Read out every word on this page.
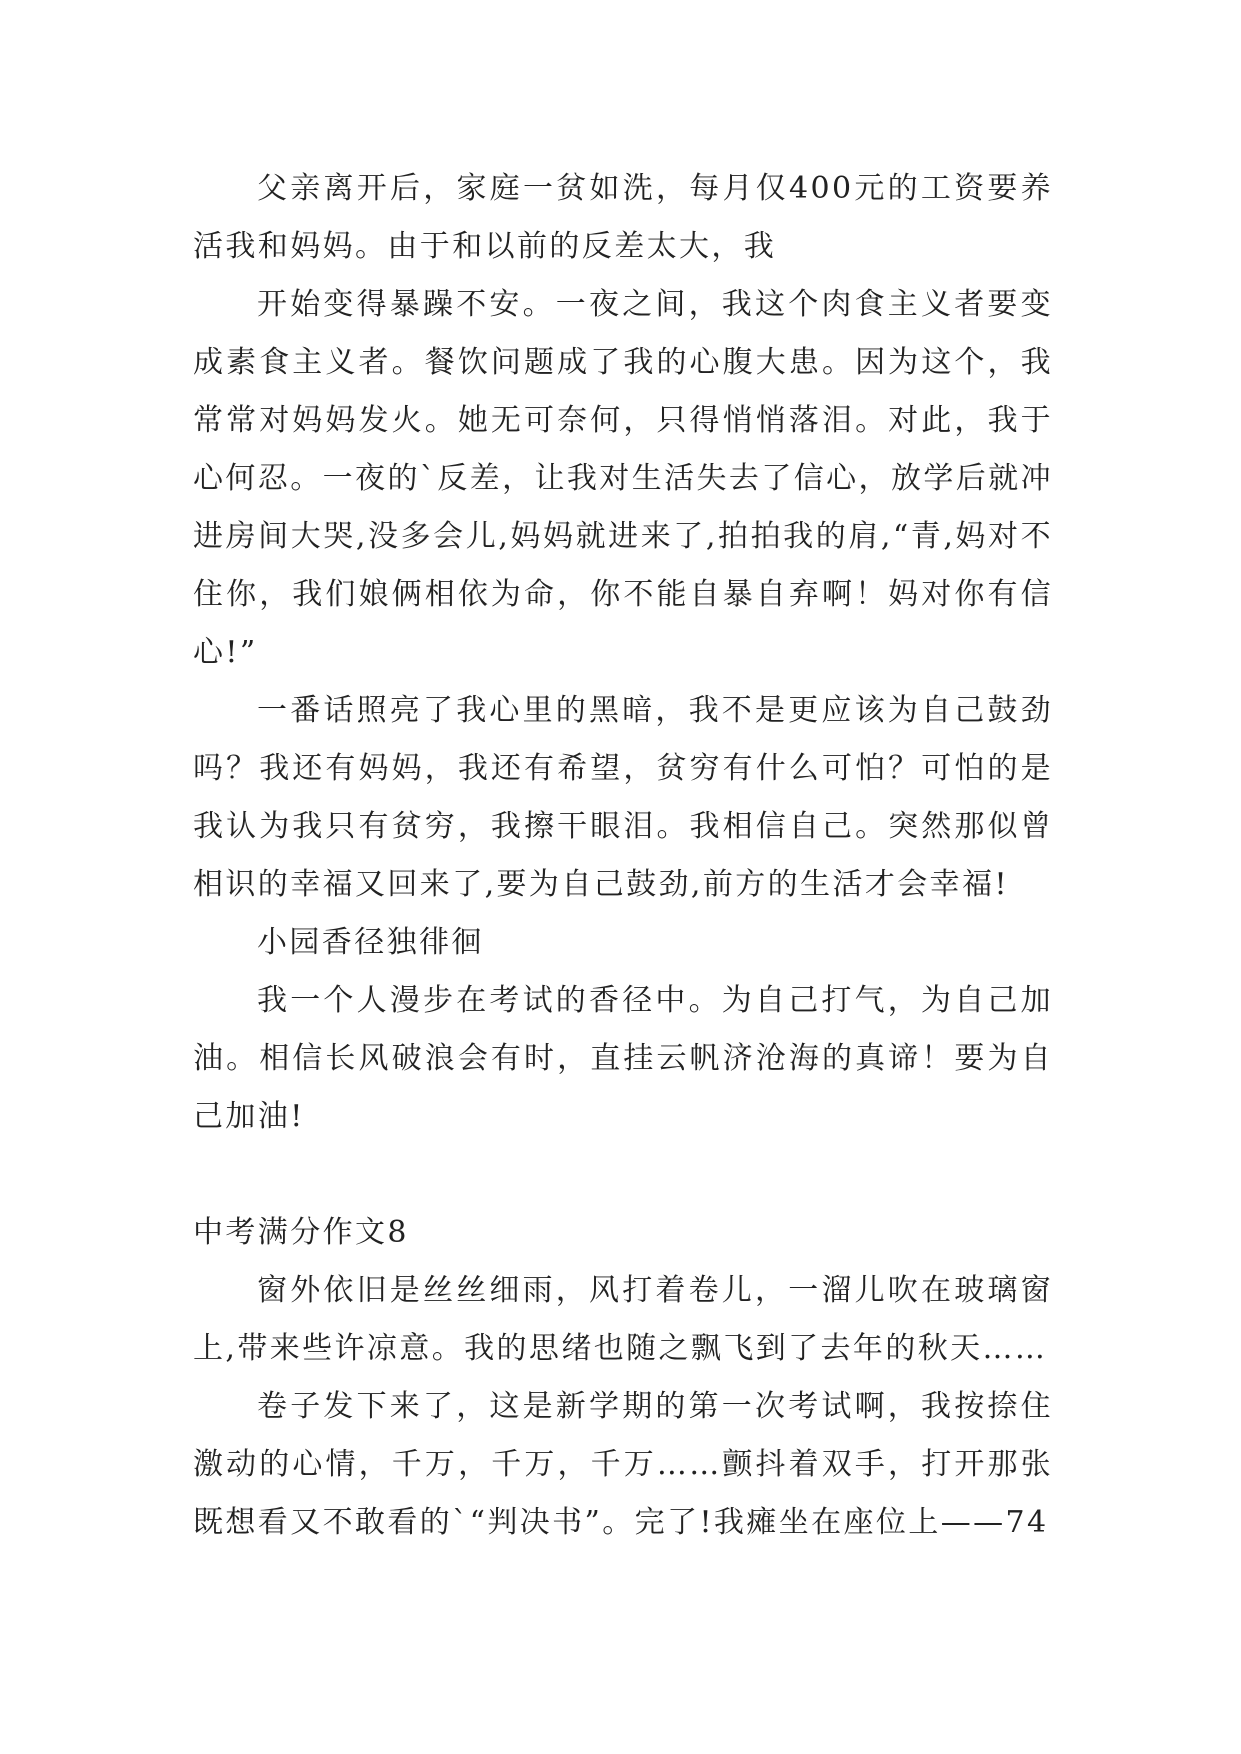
父亲离开后，家庭一贫如洗，每月仅400元的工资要养活我和妈妈。由于和以前的反差太大，我

开始变得暴躁不安。一夜之间，我这个肉食主义者要变成素食主义者。餐饮问题成了我的心腹大患。因为这个，我常常对妈妈发火。她无可奈何，只得悄悄落泪。对此，我于心何忍。一夜的`反差，让我对生活失去了信心，放学后就冲进房间大哭,没多会儿,妈妈就进来了,拍拍我的肩,“青,妈对不住你，我们娘俩相依为命，你不能自暴自弃啊！妈对你有信心!”

一番话照亮了我心里的黑暗，我不是更应该为自己鼓劲吗？我还有妈妈，我还有希望，贫穷有什么可怕？可怕的是我认为我只有贫穷，我擦干眼泪。我相信自己。突然那似曾相识的幸福又回来了,要为自己鼓劲,前方的生活才会幸福!

小园香径独徘徊

我一个人漫步在考试的香径中。为自己打气，为自己加油。相信长风破浪会有时，直挂云帆济沧海的真谛！要为自己加油!

中考满分作文8

窗外依旧是丝丝细雨，风打着卷儿，一溜儿吹在玻璃窗上,带来些许凉意。我的思绪也随之飘飞到了去年的秋天……

卷子发下来了，这是新学期的第一次考试啊，我按捺住激动的心情，千万，千万，千万……颤抖着双手，打开那张既想看又不敢看的`“判决书”。完了!我瘫坐在座位上——74
